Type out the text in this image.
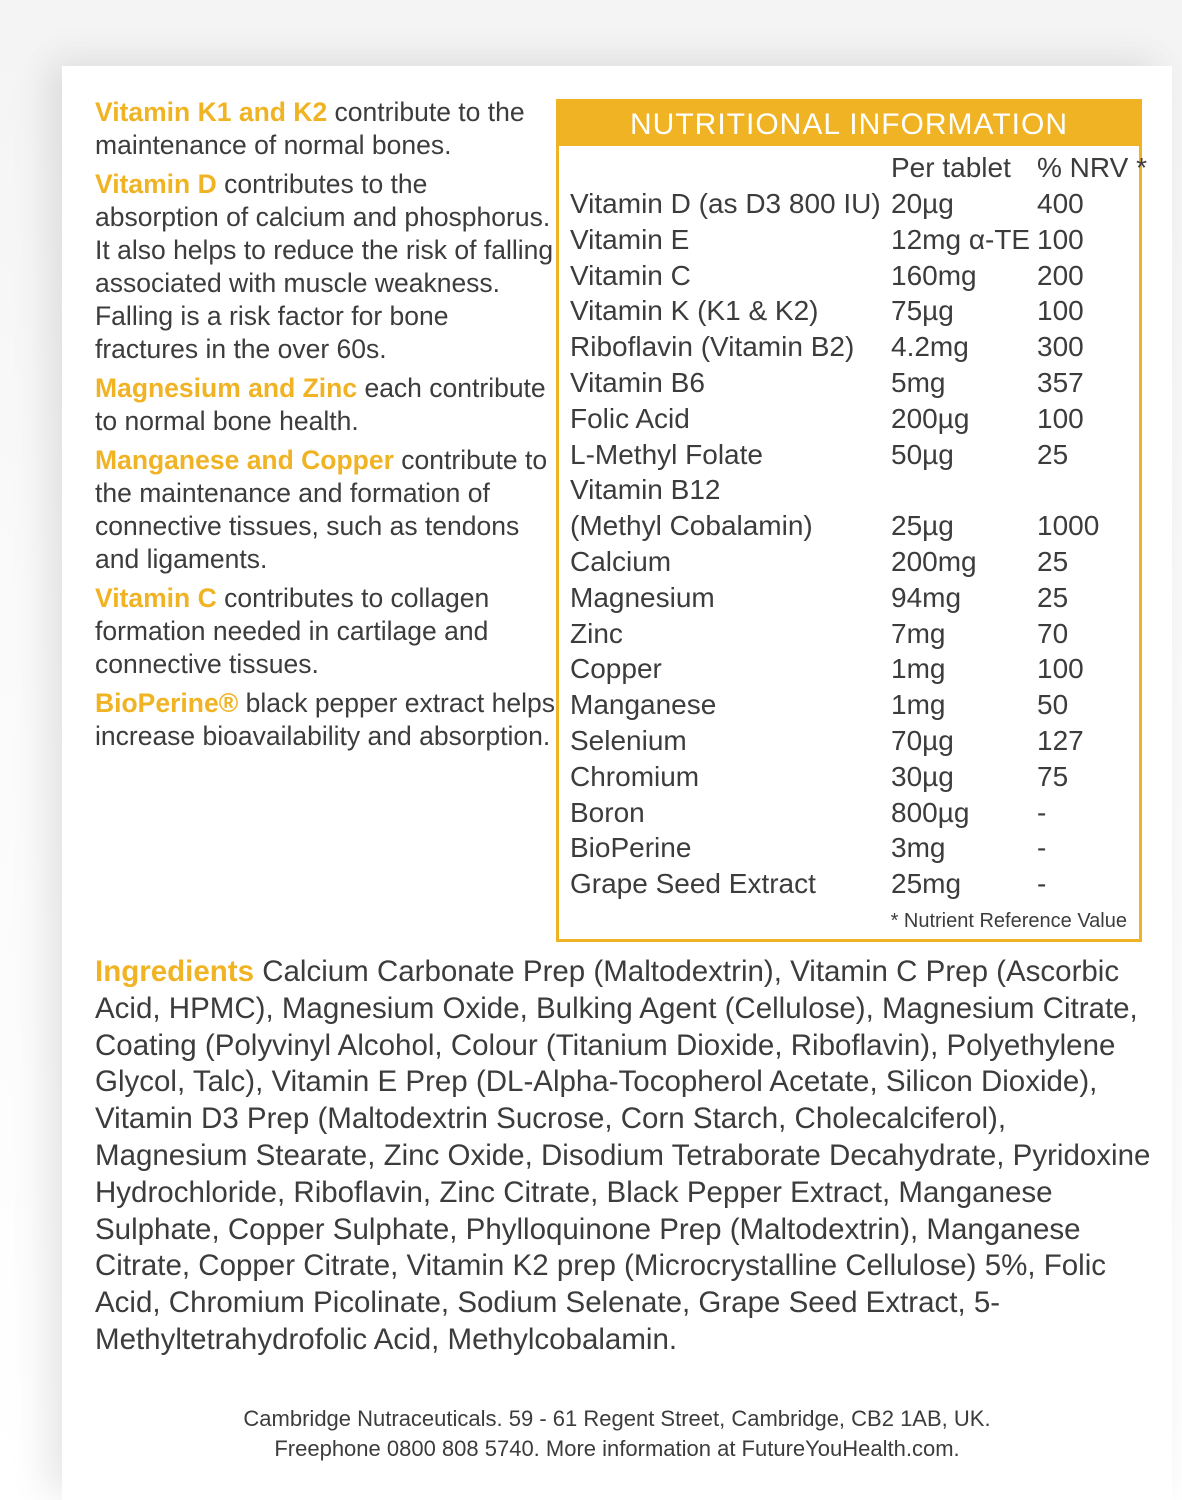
Vitamin K1 and K2 contribute to the maintenance of normal bones.

Vitamin D contributes to the absorption of calcium and phosphorus. It also helps to reduce the risk of falling associated with muscle weakness. Falling is a risk factor for bone fractures in the over 60s.

Magnesium and Zinc each contribute to normal bone health.

Manganese and Copper contribute to the maintenance and formation of connective tissues, such as tendons and ligaments.

Vitamin C contributes to collagen formation needed in cartilage and connective tissues.

BioPerine® black pepper extract helps increase bioavailability and absorption.

NUTRITIONAL INFORMATION
Per tablet % NRV *
Vitamin D (as D3 800 IU) 20µg	400
Vitamin E	12mg α-TE 100
Vitamin C	160mg 200
Vitamin K (K1 & K2)	75µg	100
Riboflavin (Vitamin B2) 4.2mg 300
Vitamin B6	5mg	357
Folic Acid	200µg 100
L-Methyl Folate	50µg	25
Vitamin B12
(Methyl Cobalamin)	25µg	1000
Calcium	200mg 25
Magnesium	94mg	25
Zinc	7mg	70
Copper	1mg	100
Manganese	1mg	50
Selenium	70µg	127
Chromium	30µg	75
Boron	800µg -
BioPerine	3mg	-
Grape Seed Extract	25mg	-
* Nutrient Reference Value

Ingredients Calcium Carbonate Prep (Maltodextrin), Vitamin C Prep (Ascorbic Acid, HPMC), Magnesium Oxide, Bulking Agent (Cellulose), Magnesium Citrate, Coating (Polyvinyl Alcohol, Colour (Titanium Dioxide, Riboflavin), Polyethylene Glycol, Talc), Vitamin E Prep (DL-Alpha-Tocopherol Acetate, Silicon Dioxide), Vitamin D3 Prep (Maltodextrin Sucrose, Corn Starch, Cholecalciferol), Magnesium Stearate, Zinc Oxide, Disodium Tetraborate Decahydrate, Pyridoxine Hydrochloride, Riboflavin, Zinc Citrate, Black Pepper Extract, Manganese Sulphate, Copper Sulphate, Phylloquinone Prep (Maltodextrin), Manganese Citrate, Copper Citrate, Vitamin K2 prep (Microcrystalline Cellulose) 5%, Folic Acid, Chromium Picolinate, Sodium Selenate, Grape Seed Extract, 5-Methyltetrahydrofolic Acid, Methylcobalamin.

Cambridge Nutraceuticals. 59 - 61 Regent Street, Cambridge, CB2 1AB, UK.
Freephone 0800 808 5740. More information at FutureYouHealth.com.
